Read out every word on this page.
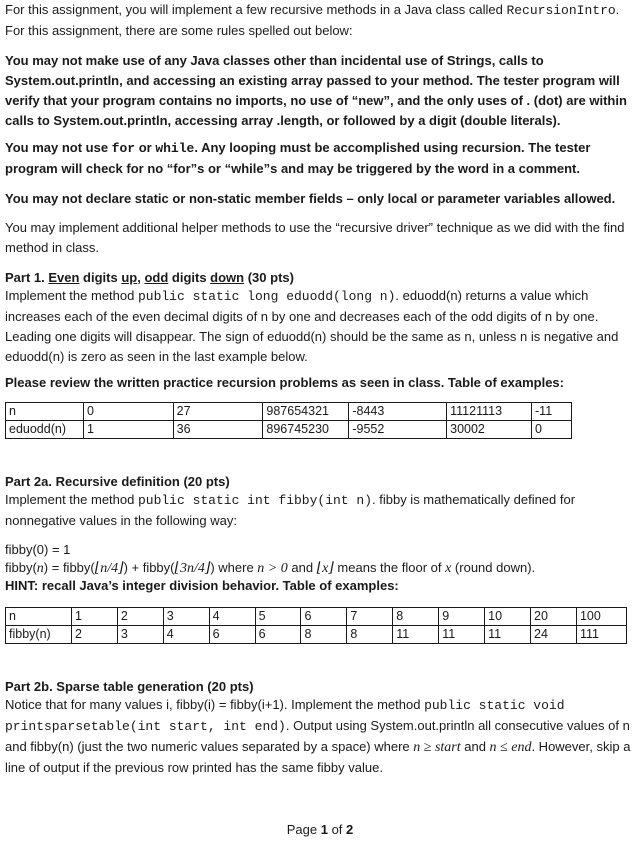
For this assignment, you will implement a few recursive methods in a Java class called RecursionIntro. For this assignment, there are some rules spelled out below:

You may not make use of any Java classes other than incidental use of Strings, calls to System.out.println, and accessing an existing array passed to your method. The tester program will verify that your program contains no imports, no use of “new”, and the only uses of . (dot) are within calls to System.out.println, accessing array .length, or followed by a digit (double literals).

You may not use for or while. Any looping must be accomplished using recursion. The tester program will check for no “for”s or “while”s and may be triggered by the word in a comment.

You may not declare static or non-static member fields – only local or parameter variables allowed.

You may implement additional helper methods to use the “recursive driver” technique as we did with the find method in class.

Part 1. Even digits up, odd digits down (30 pts)

Implement the method public static long eduodd(long n). eduodd(n) returns a value which increases each of the even decimal digits of n by one and decreases each of the odd digits of n by one. Leading one digits will disappear. The sign of eduodd(n) should be the same as n, unless n is negative and eduodd(n) is zero as seen in the last example below.

Please review the written practice recursion problems as seen in class. Table of examples:

n	0	27	987654321	-8443	11121113	-11
eduodd(n)	1	36	896745230	-9552	30002	0

Part 2a. Recursive definition (20 pts)

Implement the method public static int fibby(int n). fibby is mathematically defined for nonnegative values in the following way:

fibby(0) = 1

fibby(n) = fibby(⌊n/4⌋) + fibby(⌊3n/4⌋) where n > 0 and ⌊x⌋ means the floor of x (round down).

HINT: recall Java’s integer division behavior. Table of examples:

n	1	2	3	4	5	6	7	8	9	10	20	100
fibby(n)	2	3	4	6	6	8	8	11	11	11	24	111

Part 2b. Sparse table generation (20 pts)

Notice that for many values i, fibby(i) = fibby(i+1). Implement the method public static void printsparsetable(int start, int end). Output using System.out.println all consecutive values of n and fibby(n) (just the two numeric values separated by a space) where n ≥ start and n ≤ end. However, skip a line of output if the previous row printed has the same fibby value.

Page 1 of 2
